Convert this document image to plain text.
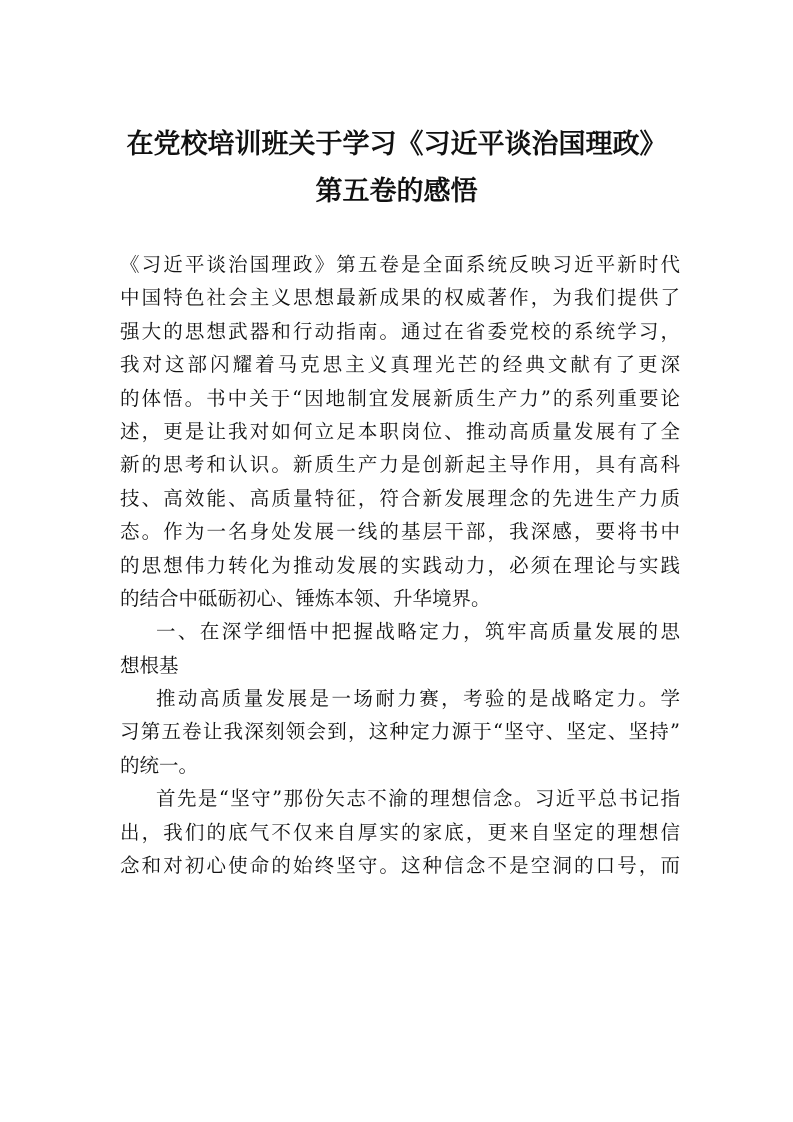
在党校培训班关于学习《习近平谈治国理政》
第五卷的感悟
《习近平谈治国理政》第五卷是全面系统反映习近平新时代
中国特色社会主义思想最新成果的权威著作，为我们提供了
强大的思想武器和行动指南。通过在省委党校的系统学习，
我对这部闪耀着马克思主义真理光芒的经典文献有了更深
的体悟。书中关于“因地制宜发展新质生产力”的系列重要论
述，更是让我对如何立足本职岗位、推动高质量发展有了全
新的思考和认识。新质生产力是创新起主导作用，具有高科
技、高效能、高质量特征，符合新发展理念的先进生产力质
态。作为一名身处发展一线的基层干部，我深感，要将书中
的思想伟力转化为推动发展的实践动力，必须在理论与实践
的结合中砥砺初心、锤炼本领、升华境界。
一、在深学细悟中把握战略定力，筑牢高质量发展的思
想根基
推动高质量发展是一场耐力赛，考验的是战略定力。学
习第五卷让我深刻领会到，这种定力源于“坚守、坚定、坚持”
的统一。
首先是“坚守”那份矢志不渝的理想信念。习近平总书记指
出，我们的底气不仅来自厚实的家底，更来自坚定的理想信
念和对初心使命的始终坚守。这种信念不是空洞的口号，而
